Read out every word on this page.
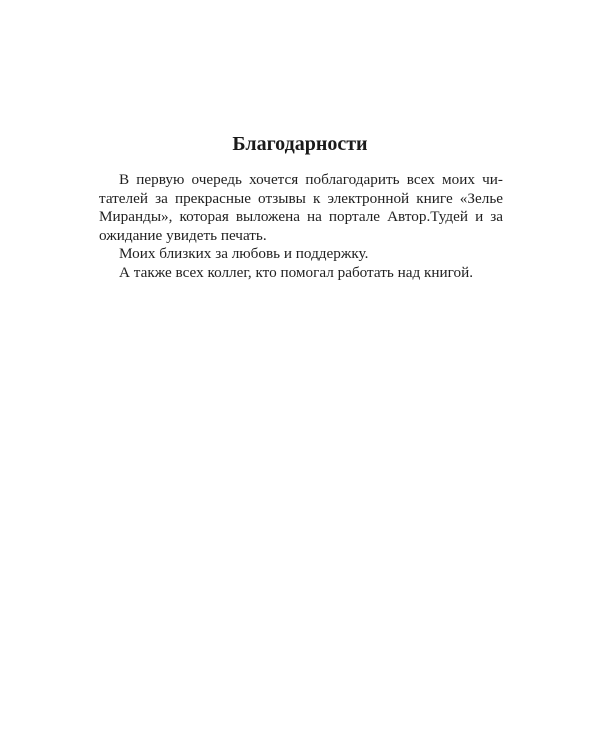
Благодарности
В первую очередь хочется поблагодарить всех моих чи-
тателей за прекрасные отзывы к электронной книге «Зелье
Миранды», которая выложена на портале Автор.Тудей и за
ожидание увидеть печать.
Моих близких за любовь и поддержку.
А также всех коллег, кто помогал работать над книгой.
